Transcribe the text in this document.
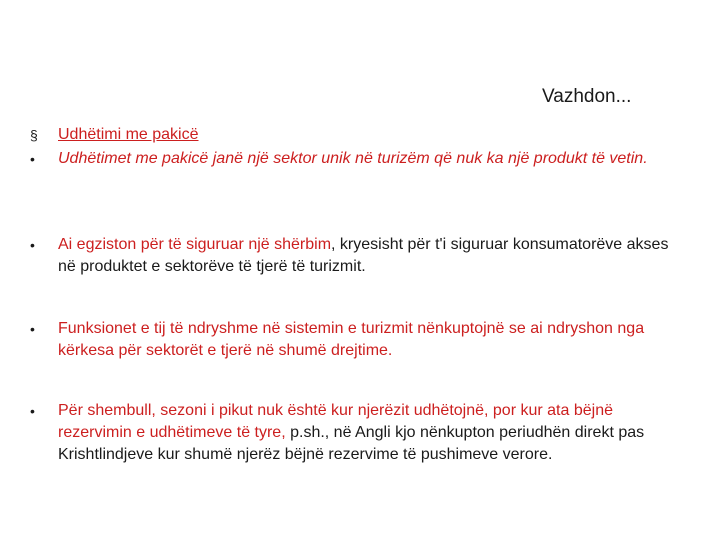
Vazhdon...
§	Udhëtimi me pakicë
•	Udhëtimet me pakicë janë një sektor unik në turizëm që nuk ka një produkt të vetin.
•	Ai egziston për të siguruar një shërbim, kryesisht për t'i siguruar konsumatorëve akses në produktet e sektorëve të tjerë të turizmit.
•	Funksionet e tij të ndryshme në sistemin e turizmit nënkuptojnë se ai ndryshon nga kërkesa për sektorët e tjerë në shumë drejtime.
•	Për shembull, sezoni i pikut nuk është kur njerëzit udhëtojnë, por kur ata bëjnë rezervimin e udhëtimeve të tyre, p.sh., në Angli kjo nënkupton periudhën direkt pas Krishtlindjeve kur shumë njerëz bëjnë rezervime të pushimeve verore.
